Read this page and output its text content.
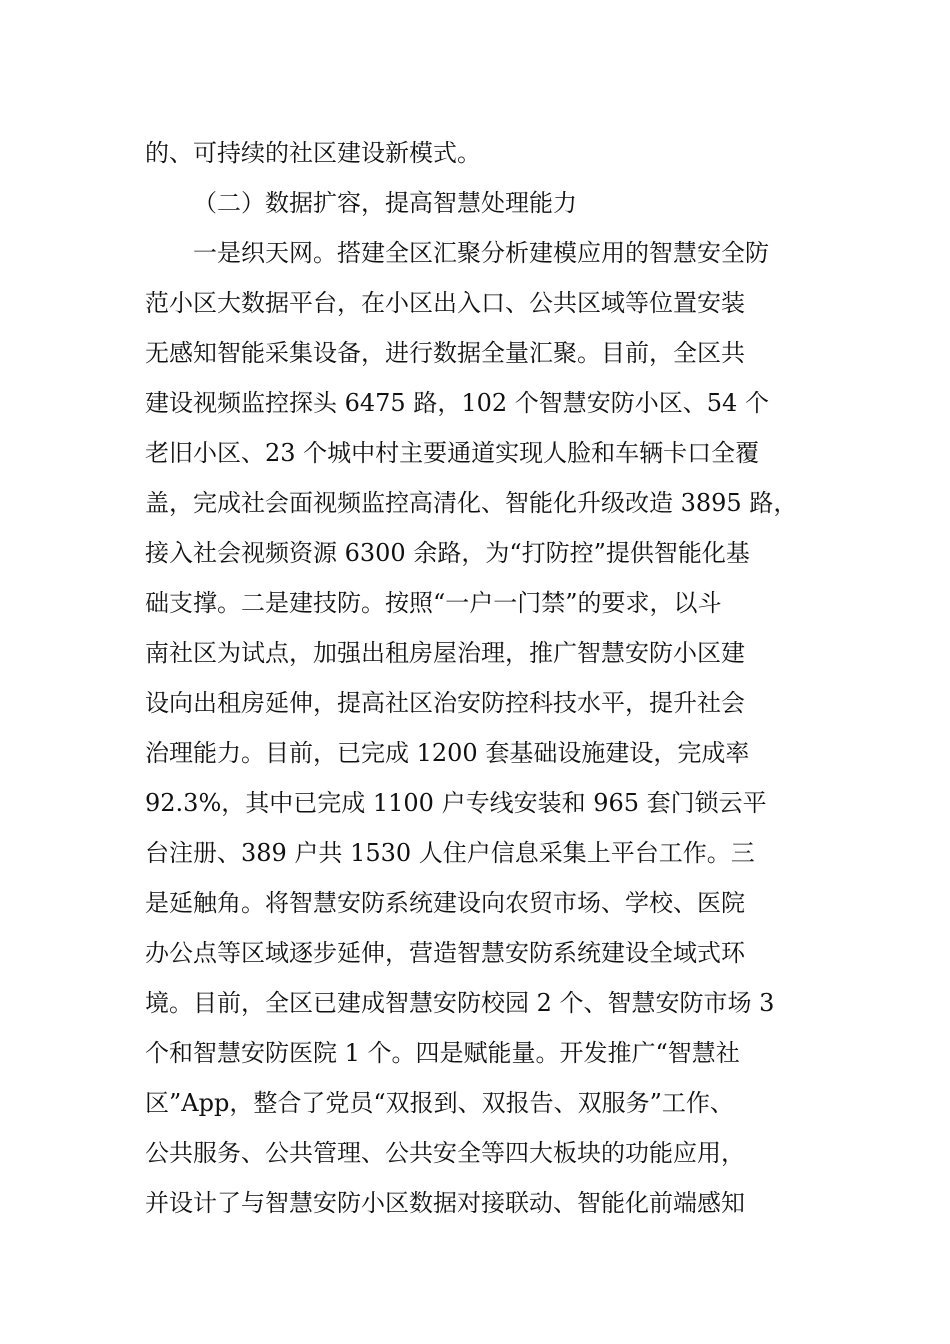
的、可持续的社区建设新模式。
（二）数据扩容，提高智慧处理能力
一是织天网。搭建全区汇聚分析建模应用的智慧安全防
范小区大数据平台，在小区出入口、公共区域等位置安装
无感知智能采集设备，进行数据全量汇聚。目前，全区共
建设视频监控探头 6475 路，102 个智慧安防小区、54 个
老旧小区、23 个城中村主要通道实现人脸和车辆卡口全覆
盖，完成社会面视频监控高清化、智能化升级改造 3895 路，
接入社会视频资源 6300 余路，为“打防控”提供智能化基
础支撑。二是建技防。按照“一户一门禁”的要求，以斗
南社区为试点，加强出租房屋治理，推广智慧安防小区建
设向出租房延伸，提高社区治安防控科技水平，提升社会
治理能力。目前，已完成 1200 套基础设施建设，完成率
92.3%，其中已完成 1100 户专线安装和 965 套门锁云平
台注册、389 户共 1530 人住户信息采集上平台工作。三
是延触角。将智慧安防系统建设向农贸市场、学校、医院
办公点等区域逐步延伸，营造智慧安防系统建设全域式环
境。目前，全区已建成智慧安防校园 2 个、智慧安防市场 3
个和智慧安防医院 1 个。四是赋能量。开发推广“智慧社
区”App，整合了党员“双报到、双报告、双服务”工作、
公共服务、公共管理、公共安全等四大板块的功能应用，
并设计了与智慧安防小区数据对接联动、智能化前端感知
